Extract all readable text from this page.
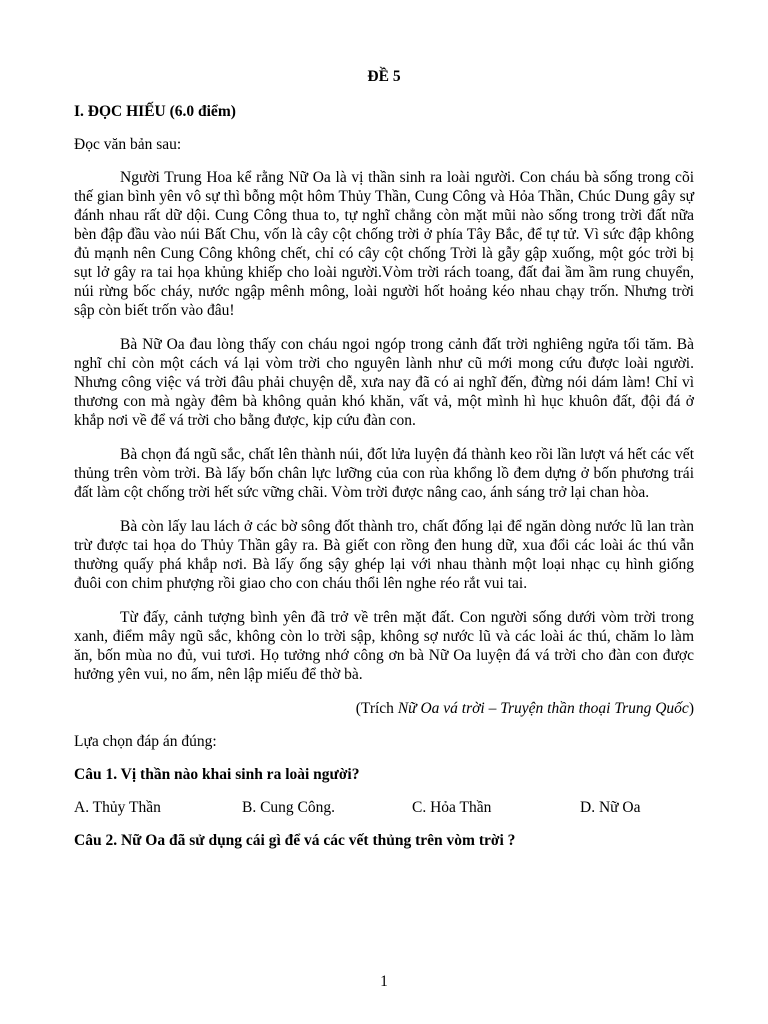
ĐỀ 5
I. ĐỌC HIẾU (6.0 điểm)
Đọc văn bản sau:

Người Trung Hoa kể rằng Nữ Oa là vị thần sinh ra loài người. Con cháu bà sống trong cõi thế gian bình yên vô sự thì bỗng một hôm Thủy Thần, Cung Công và Hỏa Thần, Chúc Dung gây sự đánh nhau rất dữ dội. Cung Công thua to, tự nghĩ chẳng còn mặt mũi nào sống trong trời đất nữa bèn đập đầu vào núi Bất Chu, vốn là cây cột chống trời ở phía Tây Bắc, để tự tử. Vì sức đập không đủ mạnh nên Cung Công không chết, chỉ có cây cột chống Trời là gẫy gập xuống, một góc trời bị sụt lở gây ra tai họa khủng khiếp cho loài người.Vòm trời rách toang, đất đai ầm ầm rung chuyển, núi rừng bốc cháy, nước ngập mênh mông, loài người hốt hoảng kéo nhau chạy trốn. Nhưng trời sập còn biết trốn vào đâu!

Bà Nữ Oa đau lòng thấy con cháu ngoi ngóp trong cảnh đất trời nghiêng ngửa tối tăm. Bà nghĩ chỉ còn một cách vá lại vòm trời cho nguyên lành như cũ mới mong cứu được loài người. Nhưng công việc vá trời đâu phải chuyện dễ, xưa nay đã có ai nghĩ đến, đừng nói dám làm! Chỉ vì thương con mà ngày đêm bà không quản khó khăn, vất vả, một mình hì hục khuôn đất, đội đá ở khắp nơi về để vá trời cho bằng được, kịp cứu đàn con.

Bà chọn đá ngũ sắc, chất lên thành núi, đốt lửa luyện đá thành keo rồi lần lượt vá hết các vết thủng trên vòm trời. Bà lấy bốn chân lực lưỡng của con rùa khổng lồ đem dựng ở bốn phương trái đất làm cột chống trời hết sức vững chãi. Vòm trời được nâng cao, ánh sáng trở lại chan hòa.

Bà còn lấy lau lách ở các bờ sông đốt thành tro, chất đống lại để ngăn dòng nước lũ lan tràn trừ được tai họa do Thủy Thần gây ra. Bà giết con rồng đen hung dữ, xua đổi các loài ác thú vẫn thường quấy phá khắp nơi. Bà lấy ống sậy ghép lại với nhau thành một loại nhạc cụ hình giống đuôi con chim phượng rồi giao cho con cháu thổi lên nghe réo rắt vui tai.

Từ đấy, cảnh tượng bình yên đã trở về trên mặt đất. Con người sống dưới vòm trời trong xanh, điểm mây ngũ sắc, không còn lo trời sập, không sợ nước lũ và các loài ác thú, chăm lo làm ăn, bốn mùa no đủ, vui tươi. Họ tưởng nhớ công ơn bà Nữ Oa luyện đá vá trời cho đàn con được hưởng yên vui, no ấm, nên lập miếu để thờ bà.

(Trích Nữ Oa vá trời – Truyện thần thoại Trung Quốc)
Lựa chọn đáp án đúng:
Câu 1. Vị thần nào khai sinh ra loài người?
A. Thủy Thần	B. Cung Công.	C. Hỏa Thần	D. Nữ Oa
Câu 2. Nữ Oa đã sử dụng cái gì để vá các vết thủng trên vòm trời ?
1
